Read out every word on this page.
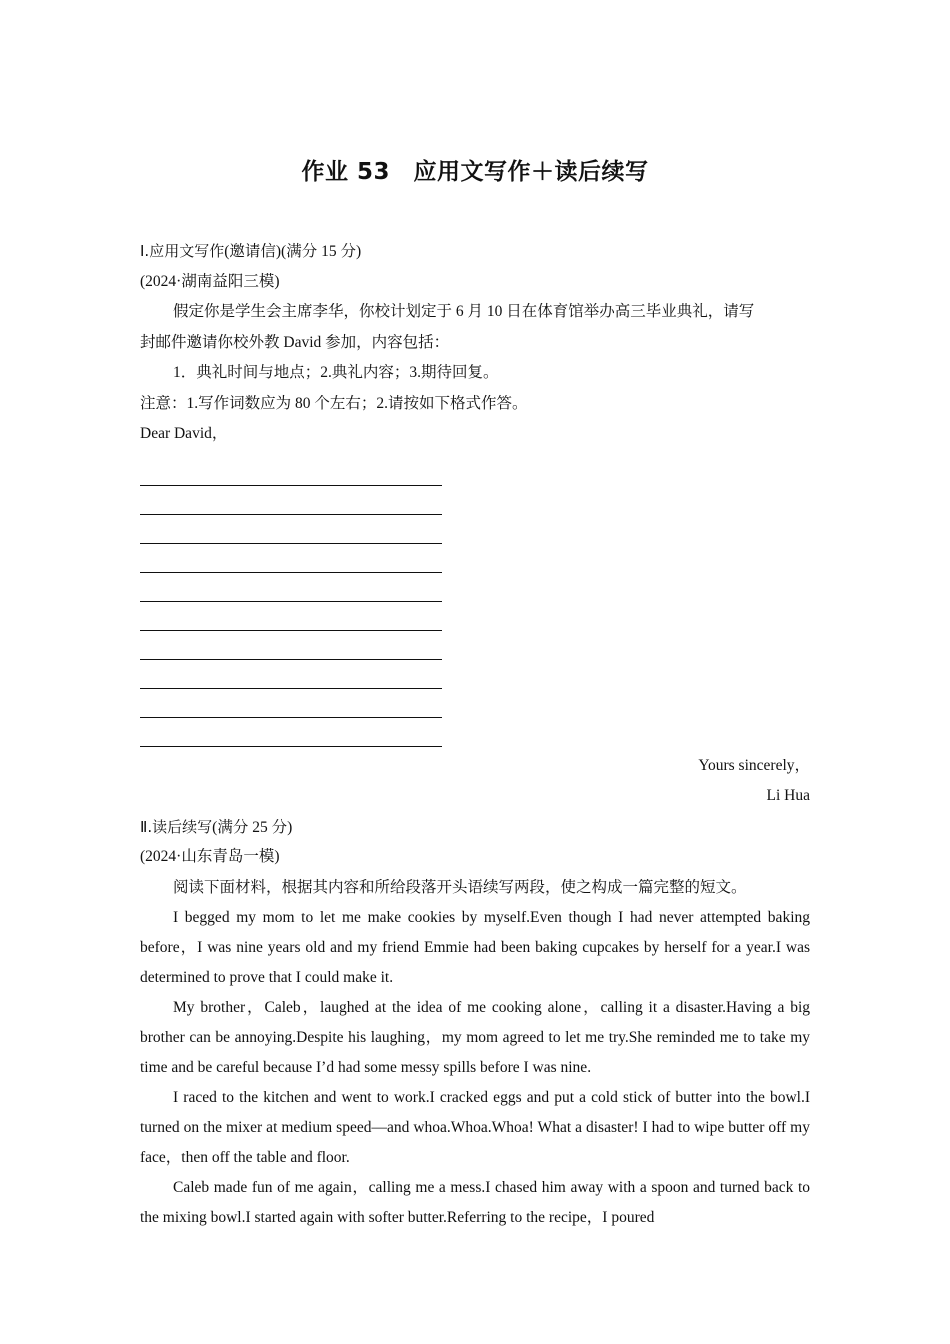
作业 53　应用文写作＋读后续写
Ⅰ.应用文写作(邀请信)(满分 15 分)
(2024·湖南益阳三模)
假定你是学生会主席李华，你校计划定于 6 月 10 日在体育馆举办高三毕业典礼，请写
封邮件邀请你校外教 David 参加，内容包括：
1．典礼时间与地点；2.典礼内容；3.期待回复。
注意：1.写作词数应为 80 个左右；2.请按如下格式作答。
Dear David，
Yours sincerely，
Li Hua
Ⅱ.读后续写(满分 25 分)
(2024·山东青岛一模)
阅读下面材料，根据其内容和所给段落开头语续写两段，使之构成一篇完整的短文。

I begged my mom to let me make cookies by myself.Even though I had never attempted baking before，I was nine years old and my friend Emmie had been baking cupcakes by herself for a year.I was determined to prove that I could make it.

My brother，Caleb，laughed at the idea of me cooking alone，calling it a disaster.Having a big brother can be annoying.Despite his laughing，my mom agreed to let me try.She reminded me to take my time and be careful because I’d had some messy spills before I was nine.

I raced to the kitchen and went to work.I cracked eggs and put a cold stick of butter into the bowl.I turned on the mixer at medium speed—and whoa.Whoa.Whoa! What a disaster! I had to wipe butter off my face，then off the table and floor.

Caleb made fun of me again，calling me a mess.I chased him away with a spoon and turned back to the mixing bowl.I started again with softer butter.Referring to the recipe，I poured
